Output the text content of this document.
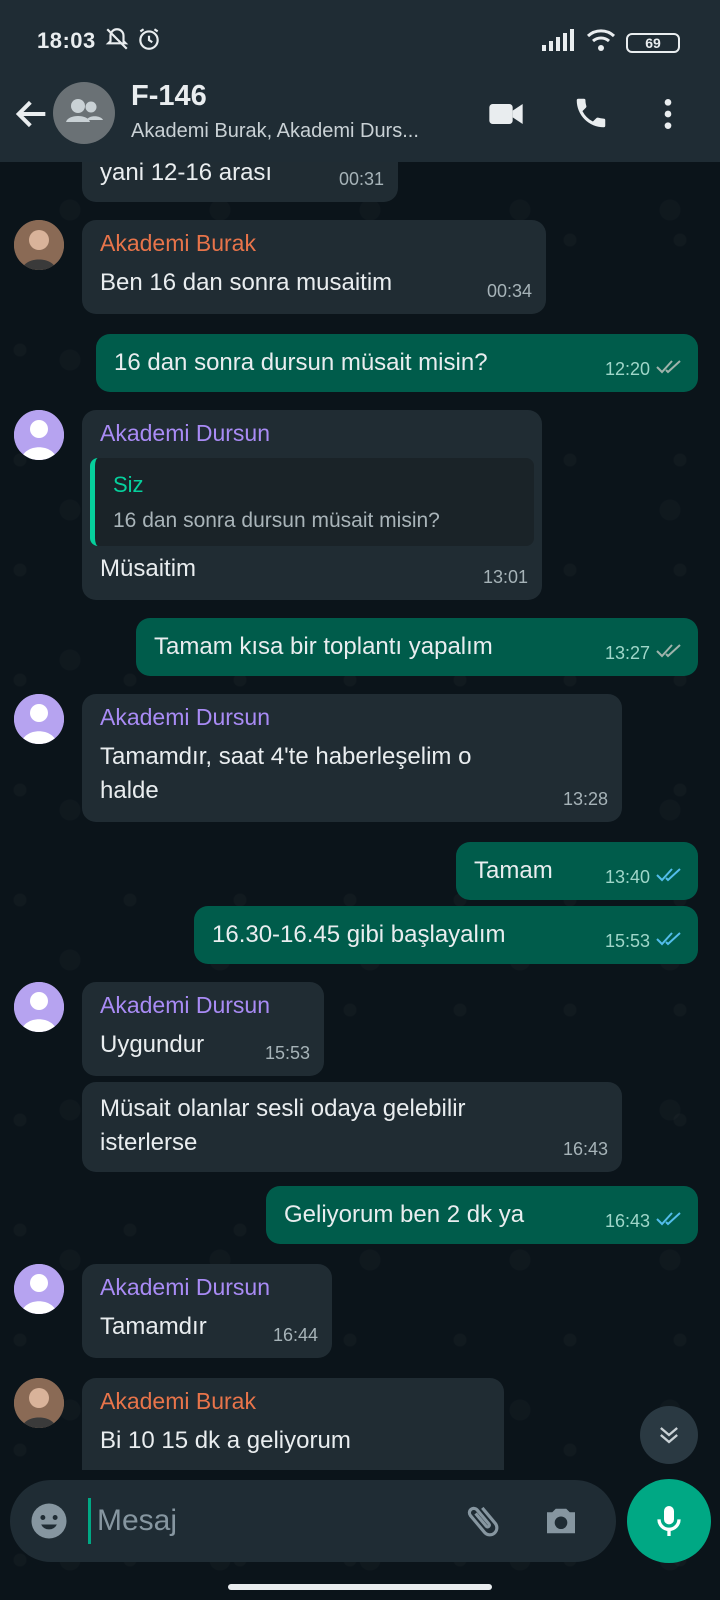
18:03	69
F-146
Akademi Burak, Akademi Durs...
yani 12-16 arası	00:31
Akademi Burak
Ben 16 dan sonra musaitim	00:34
16 dan sonra dursun müsait misin?	12:20
Akademi Dursun
Siz
16 dan sonra dursun müsait misin?
Müsaitim	13:01
Tamam kısa bir toplantı yapalım	13:27
Akademi Dursun
Tamamdır, saat 4'te haberleşelim o
halde	13:28
Tamam	13:40
16.30-16.45 gibi başlayalım	15:53
Akademi Dursun
Uygundur	15:53
Müsait olanlar sesli odaya gelebilir
isterlerse	16:43
Geliyorum ben 2 dk ya	16:43
Akademi Dursun
Tamamdır	16:44
Akademi Burak
Bi 10 15 dk a geliyorum
Mesaj
